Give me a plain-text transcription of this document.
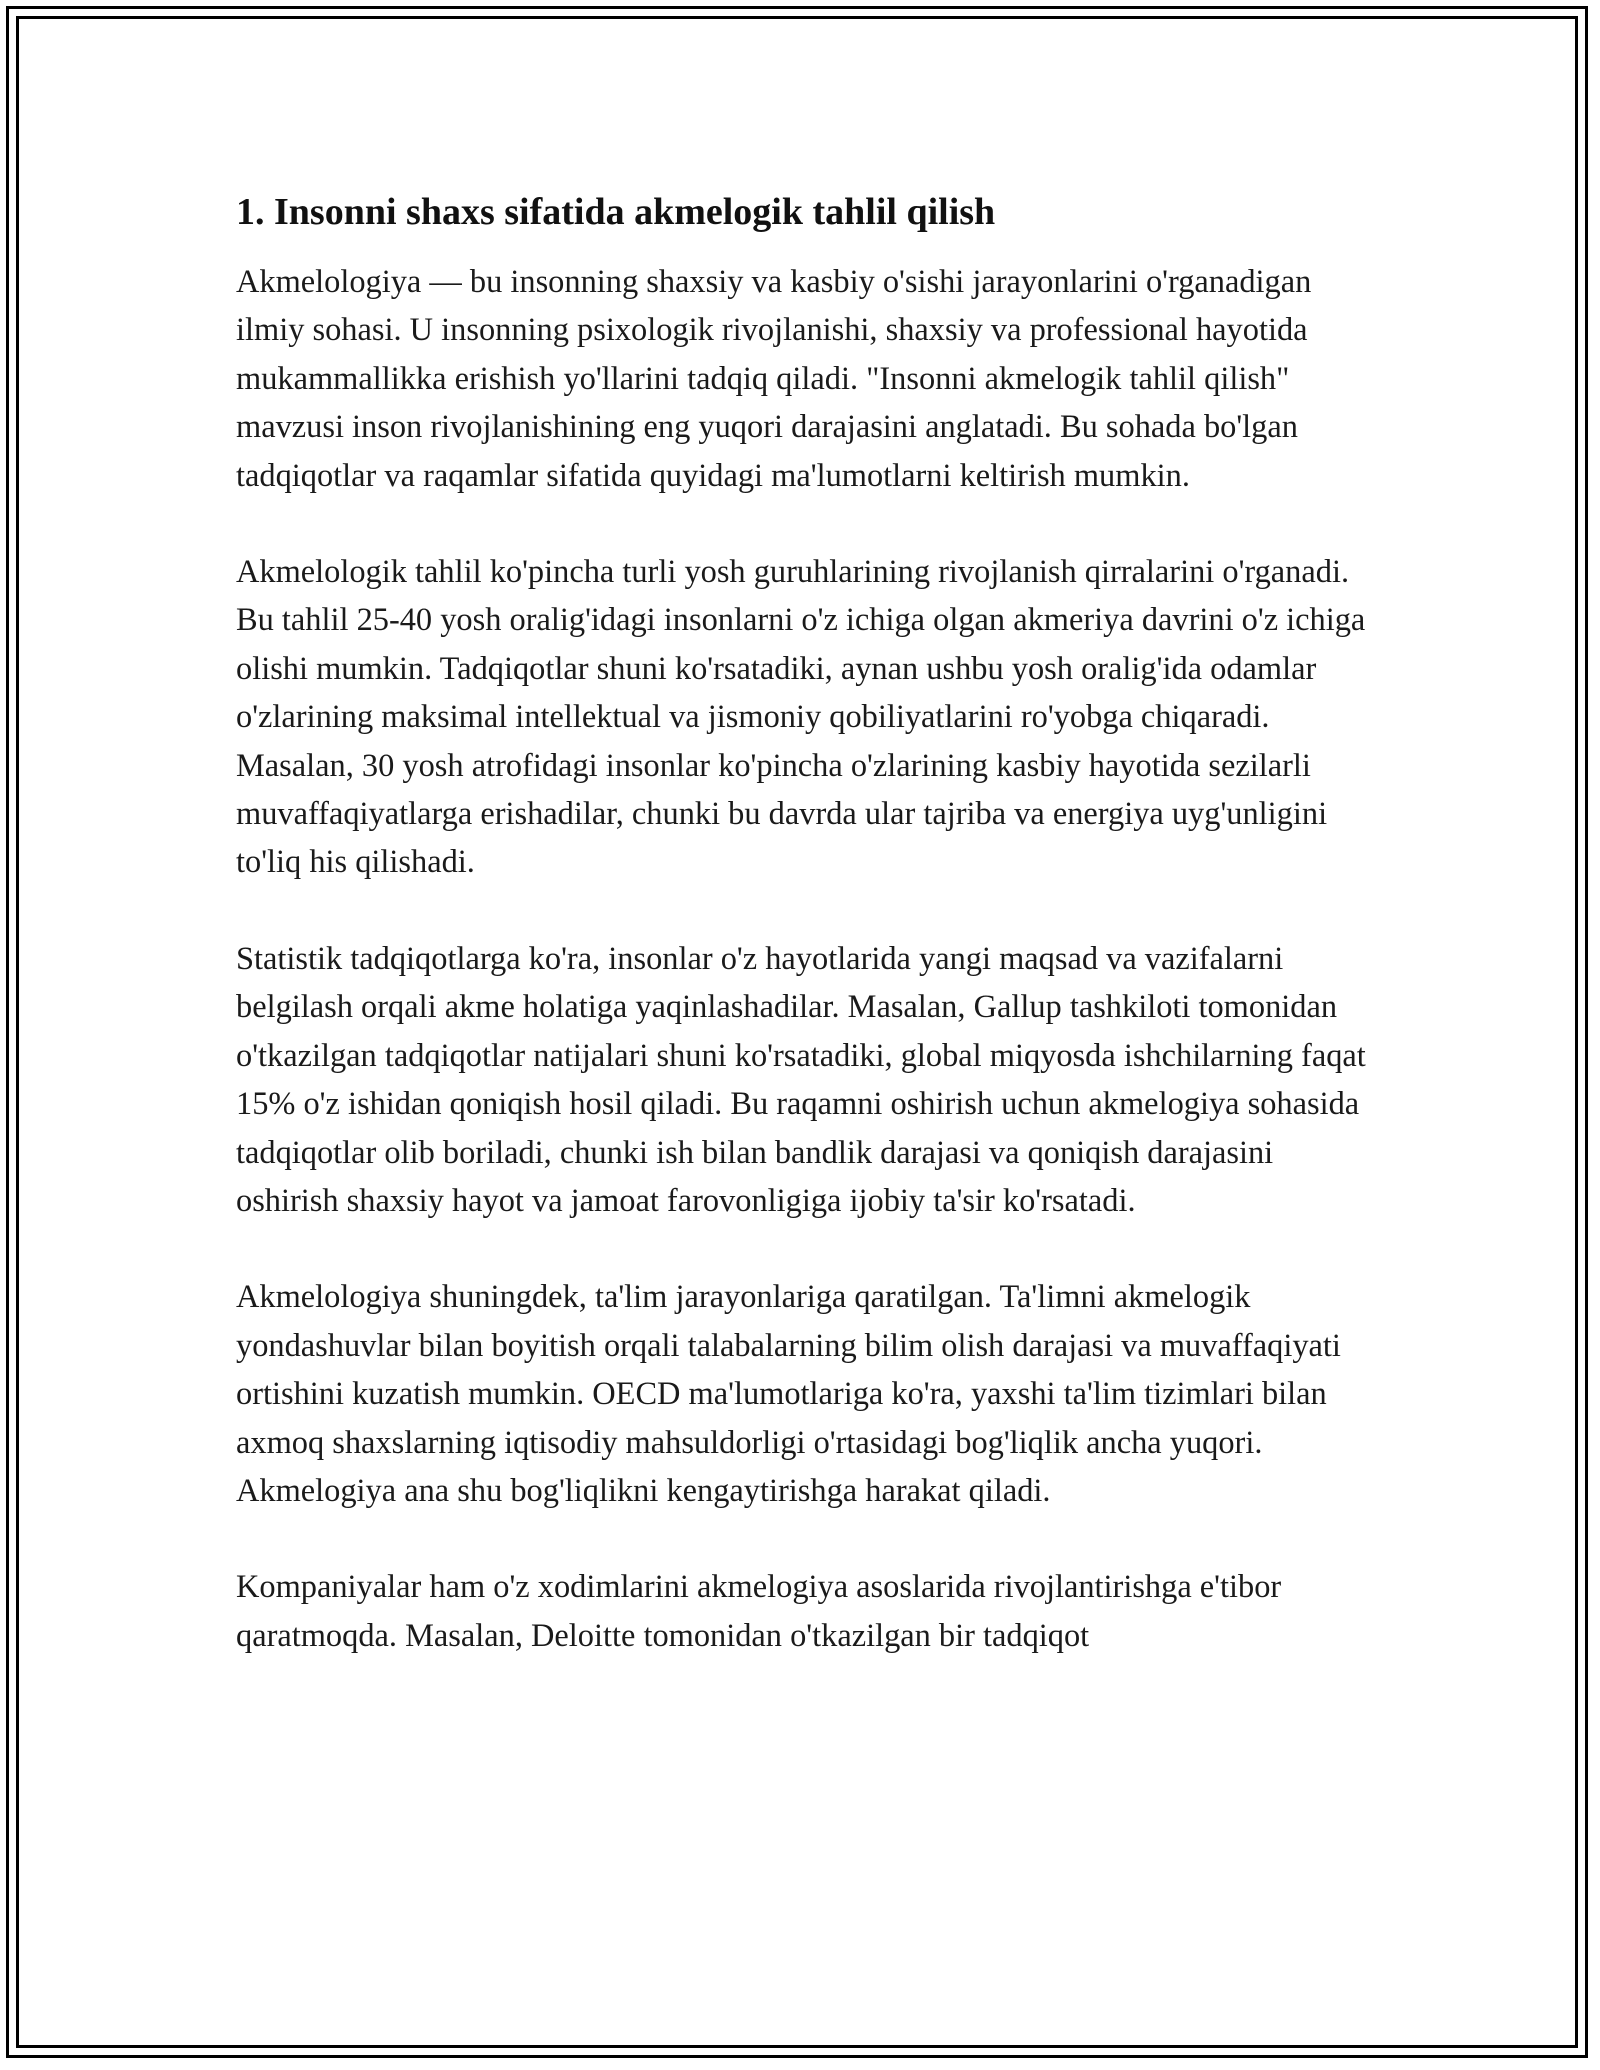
1. Insonni shaxs sifatida akmelogik tahlil qilish

Akmelologiya — bu insonning shaxsiy va kasbiy o'sishi jarayonlarini o'rganadigan ilmiy sohasi. U insonning psixologik rivojlanishi, shaxsiy va professional hayotida mukammallikka erishish yo'llarini tadqiq qiladi. "Insonni akmelogik tahlil qilish" mavzusi inson rivojlanishining eng yuqori darajasini anglatadi. Bu sohada bo'lgan tadqiqotlar va raqamlar sifatida quyidagi ma'lumotlarni keltirish mumkin.

Akmelologik tahlil ko'pincha turli yosh guruhlarining rivojlanish qirralarini o'rganadi. Bu tahlil 25-40 yosh oralig'idagi insonlarni o'z ichiga olgan akmeriya davrini o'z ichiga olishi mumkin. Tadqiqotlar shuni ko'rsatadiki, aynan ushbu yosh oralig'ida odamlar o'zlarining maksimal intellektual va jismoniy qobiliyatlarini ro'yobga chiqaradi. Masalan, 30 yosh atrofidagi insonlar ko'pincha o'zlarining kasbiy hayotida sezilarli muvaffaqiyatlarga erishadilar, chunki bu davrda ular tajriba va energiya uyg'unligini to'liq his qilishadi.

Statistik tadqiqotlarga ko'ra, insonlar o'z hayotlarida yangi maqsad va vazifalarni belgilash orqali akme holatiga yaqinlashadilar. Masalan, Gallup tashkiloti tomonidan o'tkazilgan tadqiqotlar natijalari shuni ko'rsatadiki, global miqyosda ishchilarning faqat 15% o'z ishidan qoniqish hosil qiladi. Bu raqamni oshirish uchun akmelogiya sohasida tadqiqotlar olib boriladi, chunki ish bilan bandlik darajasi va qoniqish darajasini oshirish shaxsiy hayot va jamoat farovonligiga ijobiy ta'sir ko'rsatadi.

Akmelologiya shuningdek, ta'lim jarayonlariga qaratilgan. Ta'limni akmelogik yondashuvlar bilan boyitish orqali talabalarning bilim olish darajasi va muvaffaqiyati ortishini kuzatish mumkin. OECD ma'lumotlariga ko'ra, yaxshi ta'lim tizimlari bilan axmoq shaxslarning iqtisodiy mahsuldorligi o'rtasidagi bog'liqlik ancha yuqori. Akmelogiya ana shu bog'liqlikni kengaytirishga harakat qiladi.

Kompaniyalar ham o'z xodimlarini akmelogiya asoslarida rivojlantirishga e'tibor qaratmoqda. Masalan, Deloitte tomonidan o'tkazilgan bir tadqiqot
